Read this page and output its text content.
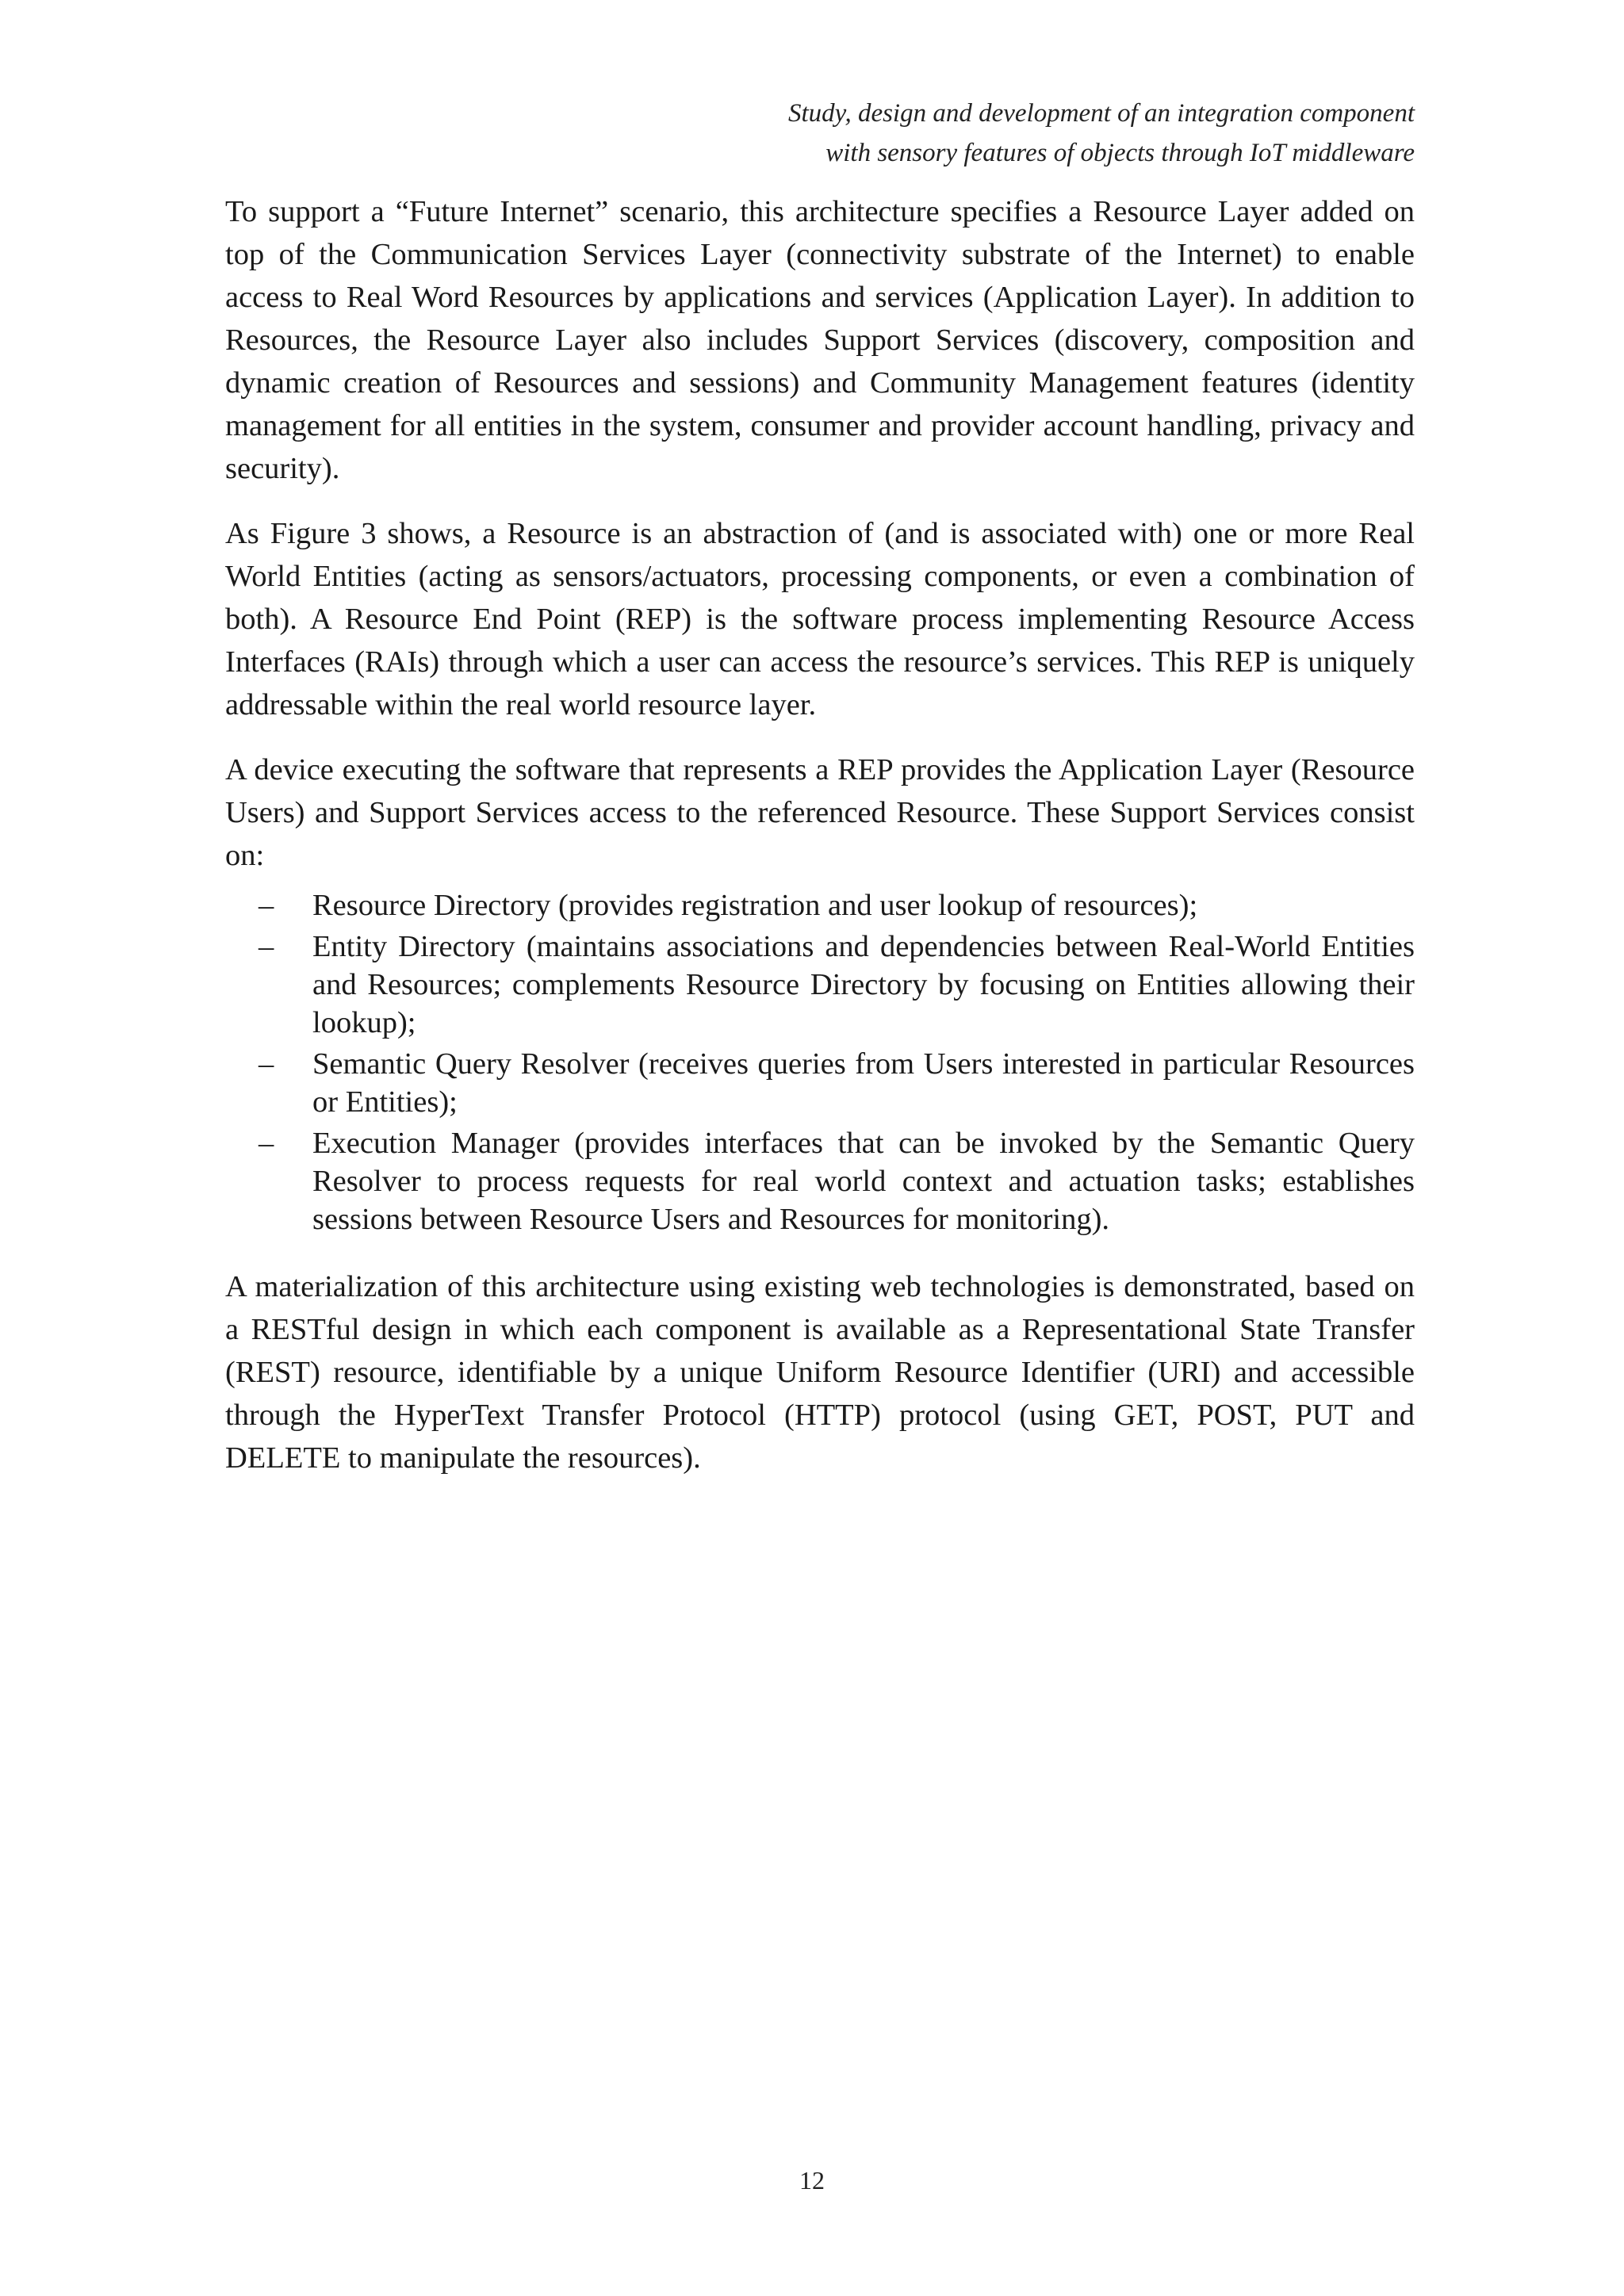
Study, design and development of an integration component
with sensory features of objects through IoT middleware

To support a “Future Internet” scenario, this architecture specifies a Resource Layer added on top of the Communication Services Layer (connectivity substrate of the Internet) to enable access to Real Word Resources by applications and services (Application Layer). In addition to Resources, the Resource Layer also includes Support Services (discovery, composition and dynamic creation of Resources and sessions) and Community Management features (identity management for all entities in the system, consumer and provider account handling, privacy and security).

As Figure 3 shows, a Resource is an abstraction of (and is associated with) one or more Real World Entities (acting as sensors/actuators, processing components, or even a combination of both). A Resource End Point (REP) is the software process implementing Resource Access Interfaces (RAIs) through which a user can access the resource’s services. This REP is uniquely addressable within the real world resource layer.

A device executing the software that represents a REP provides the Application Layer (Resource Users) and Support Services access to the referenced Resource. These Support Services consist on:

– Resource Directory (provides registration and user lookup of resources);
– Entity Directory (maintains associations and dependencies between Real-World Entities and Resources; complements Resource Directory by focusing on Entities allowing their lookup);
– Semantic Query Resolver (receives queries from Users interested in particular Resources or Entities);
– Execution Manager (provides interfaces that can be invoked by the Semantic Query Resolver to process requests for real world context and actuation tasks; establishes sessions between Resource Users and Resources for monitoring).

A materialization of this architecture using existing web technologies is demonstrated, based on a RESTful design in which each component is available as a Representational State Transfer (REST) resource, identifiable by a unique Uniform Resource Identifier (URI) and accessible through the HyperText Transfer Protocol (HTTP) protocol (using GET, POST, PUT and DELETE to manipulate the resources).

12
